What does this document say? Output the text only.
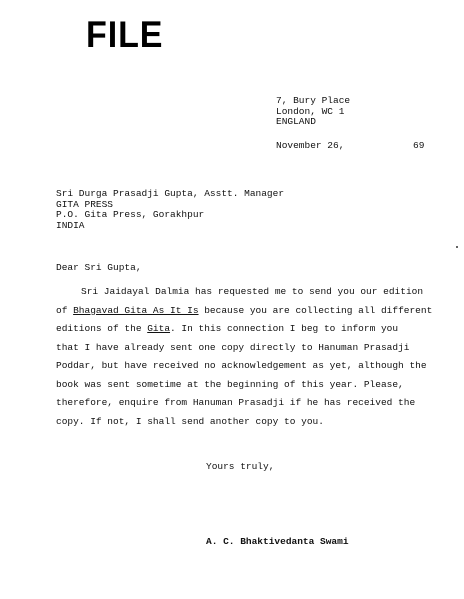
FILE
7, Bury Place
London, WC 1
ENGLAND
November 26,	69
Sri Durga Prasadji Gupta, Asstt. Manager
GITA PRESS
P.O. Gita Press, Gorakhpur
INDIA
Dear Sri Gupta,
Sri Jaidayal Dalmia has requested me to send you our edition
of Bhagavad Gita As It Is because you are collecting all different
editions of the Gita. In this connection I beg to inform you
that I have already sent one copy directly to Hanuman Prasadji
Poddar, but have received no acknowledgement as yet, although the
book was sent sometime at the beginning of this year. Please,
therefore, enquire from Hanuman Prasadji if he has received the
copy. If not, I shall send another copy to you.
Yours truly,
A. C. Bhaktivedanta Swami
